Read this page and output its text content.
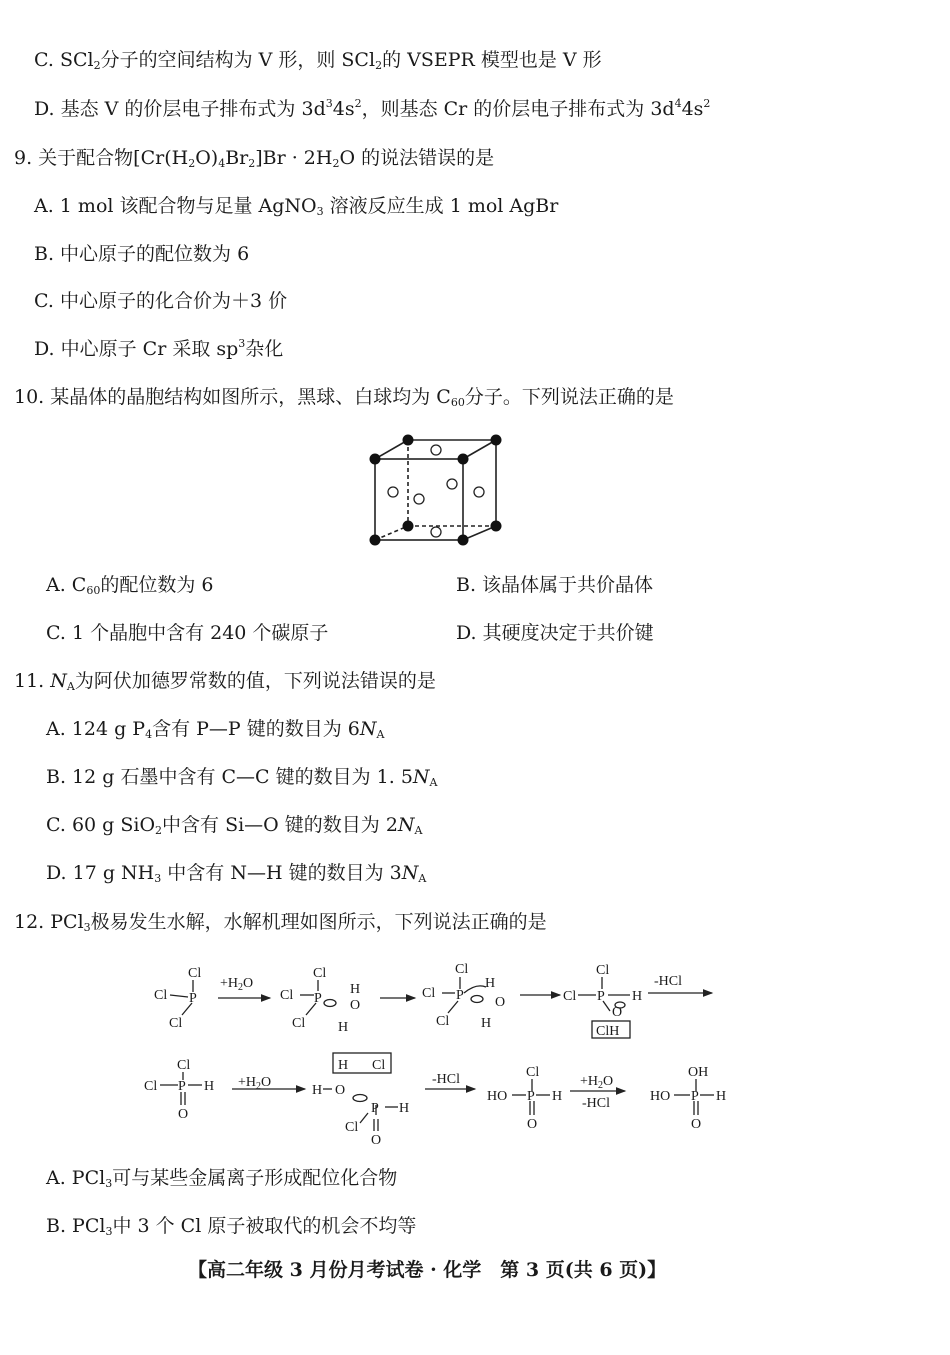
C. SCl$_2$分子的空间结构为 V 形，则 SCl$_2$的 VSEPR 模型也是 V 形
D. 基态 V 的价层电子排布式为 $3d^34s^2$，则基态 Cr 的价层电子排布式为 $3d^44s^2$
9. 关于配合物$[Cr(H_2O)_4Br_2]Br \cdot 2H_2O$ 的说法错误的是
A. 1 mol 该配合物与足量 AgNO$_3$ 溶液反应生成 1 mol AgBr
B. 中心原子的配位数为 6
C. 中心原子的化合价为＋3 价
D. 中心原子 Cr 采取 $sp^3$杂化
10. 某晶体的晶胞结构如图所示，黑球、白球均为 $C_{60}$分子。下列说法正确的是
A. $C_{60}$的配位数为 6	B. 该晶体属于共价晶体
C. 1 个晶胞中含有 240 个碳原子	D. 其硬度决定于共价键
11. $N_A$为阿伏加德罗常数的值，下列说法错误的是
A. 124 g $P_4$含有 P—P 键的数目为 $6N_A$
B. 12 g 石墨中含有 C—C 键的数目为 1. $5N_A$
C. 60 g SiO$_2$中含有 Si—O 键的数目为 $2N_A$
D. 17 g $NH_3$ 中含有 N—H 键的数目为 $3N_A$
12. PCl$_3$极易发生水解，水解机理如图所示，下列说法正确的是
Cl
Cl P
Cl
$+H_2O$
Cl
Cl P
Cl
H
O
H
Cl
Cl P
Cl
H
O
H
Cl
Cl P H
O
ClH
-HCl
Cl
Cl P H
O
$+H_2O$
H Cl
H O
P H
Cl
O
-HCl	Cl
HO P H
O
$+H_2O$
-HCl
OH
HO P H
O
A. PCl$_3$可与某些金属离子形成配位化合物
B. PCl$_3$中 3 个 Cl 原子被取代的机会不均等
【高二年级 3 月份月考试卷 · 化学　第 3 页(共 6 页)】
